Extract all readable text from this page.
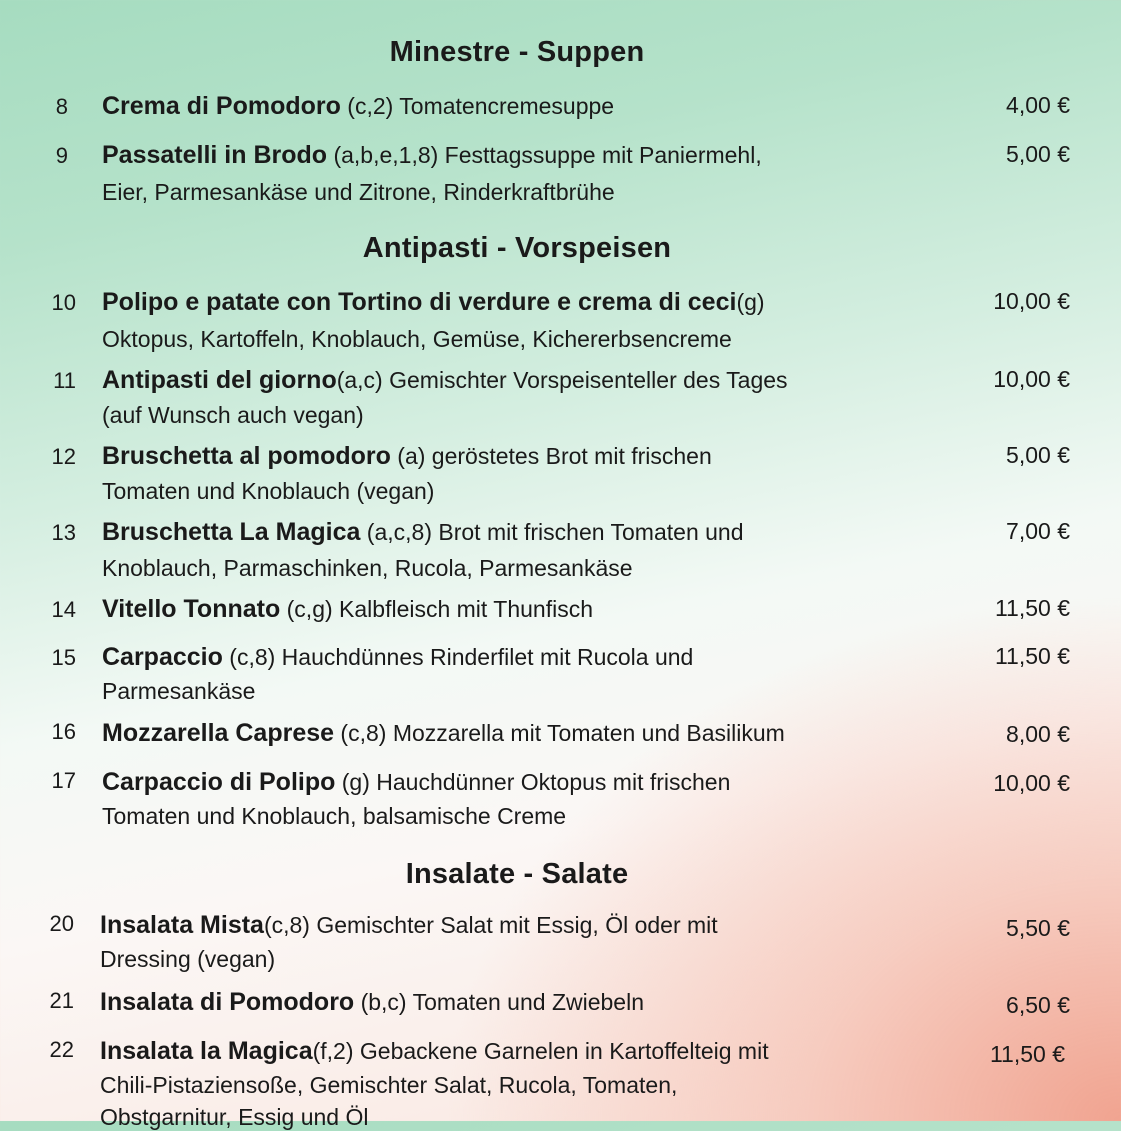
Minestre - Suppen
8 Crema di Pomodoro (c,2) Tomatencremesuppe	4,00 €
9 Passatelli in Brodo (a,b,e,1,8) Festtagssuppe mit Paniermehl,
Eier, Parmesankäse und Zitrone, Rinderkraftbrühe
5,00 €
Antipasti - Vorspeisen
10 Polipo e patate con Tortino di verdure e crema di ceci(g)
Oktopus, Kartoffeln, Knoblauch, Gemüse, Kichererbsencreme
10,00 €
11 Antipasti del giorno(a,c) Gemischter Vorspeisenteller des Tages
(auf Wunsch auch vegan)
10,00 €
12 Bruschetta al pomodoro (a) geröstetes Brot mit frischen
Tomaten und Knoblauch (vegan)
5,00 €
13 Bruschetta La Magica (a,c,8) Brot mit frischen Tomaten und
Knoblauch, Parmaschinken, Rucola, Parmesankäse
7,00 €
14 Vitello Tonnato (c,g) Kalbfleisch mit Thunfisch	11,50 €
15 Carpaccio (c,8) Hauchdünnes Rinderfilet mit Rucola und
Parmesankäse
11,50 €
16 Mozzarella Caprese (c,8) Mozzarella mit Tomaten und Basilikum	8,00 €
17 Carpaccio di Polipo (g) Hauchdünner Oktopus mit frischen
Tomaten und Knoblauch, balsamische Creme
10,00 €
Insalate - Salate
20 Insalata Mista(c,8) Gemischter Salat mit Essig, Öl oder mit
Dressing (vegan)
5,50 €
21 Insalata di Pomodoro (b,c) Tomaten und Zwiebeln	6,50 €
22 Insalata la Magica(f,2) Gebackene Garnelen in Kartoffelteig mit
Chili-Pistaziensoße, Gemischter Salat, Rucola, Tomaten,
Obstgarnitur, Essig und Öl
11,50 €
